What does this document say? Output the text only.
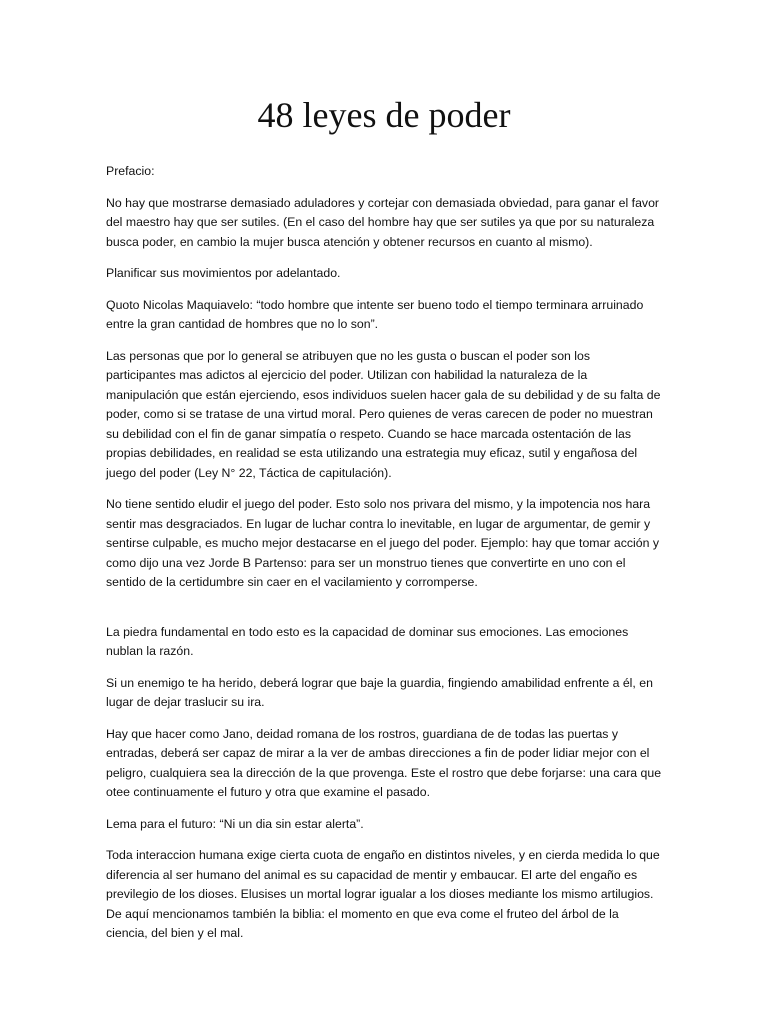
48 leyes de poder

Prefacio:

No hay que mostrarse demasiado aduladores y cortejar con demasiada obviedad, para ganar el favor del maestro hay que ser sutiles. (En el caso del hombre hay que ser sutiles ya que por su naturaleza busca poder, en cambio la mujer busca atención y obtener recursos en cuanto al mismo).

Planificar sus movimientos por adelantado.

Quoto Nicolas Maquiavelo: “todo hombre que intente ser bueno todo el tiempo terminara arruinado entre la gran cantidad de hombres que no lo son”.

Las personas que por lo general se atribuyen que no les gusta o buscan el poder son los participantes mas adictos al ejercicio del poder. Utilizan con habilidad la naturaleza de la manipulación que están ejerciendo, esos individuos suelen hacer gala de su debilidad y de su falta de poder, como si se tratase de una virtud moral. Pero quienes de veras carecen de poder no muestran su debilidad con el fin de ganar simpatía o respeto. Cuando se hace marcada ostentación de las propias debilidades, en realidad se esta utilizando una estrategia muy eficaz, sutil y engañosa del juego del poder (Ley N° 22, Táctica de capitulación).

No tiene sentido eludir el juego del poder. Esto solo nos privara del mismo, y la impotencia nos hara sentir mas desgraciados. En lugar de luchar contra lo inevitable, en lugar de argumentar, de gemir y sentirse culpable, es mucho mejor destacarse en el juego del poder. Ejemplo: hay que tomar acción y como dijo una vez Jorde B Partenso: para ser un monstruo tienes que convertirte en uno con el sentido de la certidumbre sin caer en el vacilamiento y corromperse.

La piedra fundamental en todo esto es la capacidad de dominar sus emociones. Las emociones nublan la razón.

Si un enemigo te ha herido, deberá lograr que baje la guardia, fingiendo amabilidad enfrente a él, en lugar de dejar traslucir su ira.

Hay que hacer como Jano, deidad romana de los rostros, guardiana de de todas las puertas y entradas, deberá ser capaz de mirar a la ver de ambas direcciones a fin de poder lidiar mejor con el peligro, cualquiera sea la dirección de la que provenga. Este el rostro que debe forjarse: una cara que otee continuamente el futuro y otra que examine el pasado.

Lema para el futuro: “Ni un dia sin estar alerta”.

Toda interaccion humana exige cierta cuota de engaño en distintos niveles, y en cierda medida lo que diferencia al ser humano del animal es su capacidad de mentir y embaucar. El arte del engaño es previlegio de los dioses. Elusises un mortal lograr igualar a los dioses mediante los mismo artilugios. De aquí mencionamos también la biblia: el momento en que eva come el fruteo del árbol de la ciencia, del bien y el mal.
